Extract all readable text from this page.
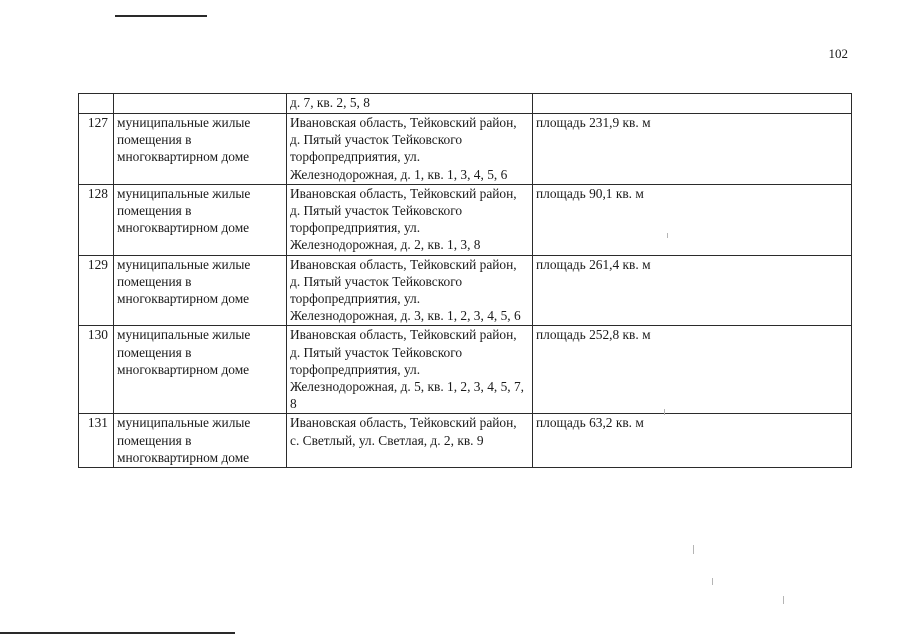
102
		д. 7, кв. 2, 5, 8	
127	муниципальные жилые помещения в многоквартирном доме	Ивановская область, Тейковский район, д. Пятый участок Тейковского торфопредприятия, ул. Железнодорожная, д. 1, кв. 1, 3, 4, 5, 6	площадь 231,9 кв. м
128	муниципальные жилые помещения в многоквартирном доме	Ивановская область, Тейковский район, д. Пятый участок Тейковского торфопредприятия, ул. Железнодорожная, д. 2, кв. 1, 3, 8	площадь 90,1 кв. м
129	муниципальные жилые помещения в многоквартирном доме	Ивановская область, Тейковский район, д. Пятый участок Тейковского торфопредприятия, ул. Железнодорожная, д. 3, кв. 1, 2, 3, 4, 5, 6	площадь 261,4 кв. м
130	муниципальные жилые помещения в многоквартирном доме	Ивановская область, Тейковский район, д. Пятый участок Тейковского торфопредприятия, ул. Железнодорожная, д. 5, кв. 1, 2, 3, 4, 5, 7, 8	площадь 252,8 кв. м
131	муниципальные жилые помещения в многоквартирном доме	Ивановская область, Тейковский район, с. Светлый, ул. Светлая, д. 2, кв. 9	площадь 63,2 кв. м
